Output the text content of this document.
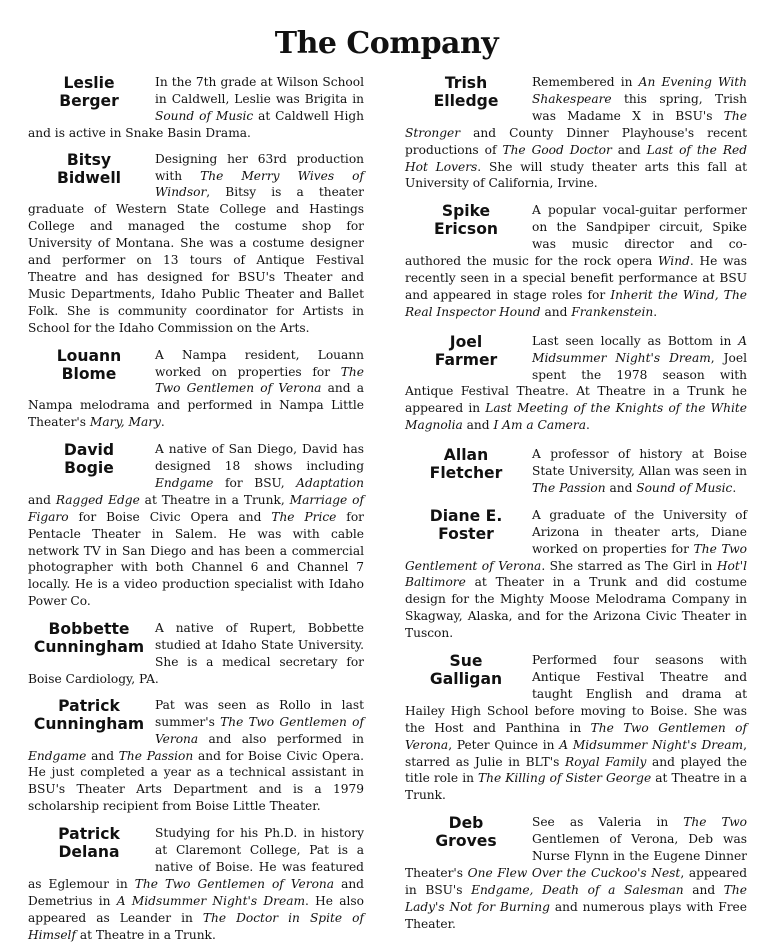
The Company
Leslie
Berger
In the 7th grade at Wilson School in Caldwell, Leslie was Brigita in Sound of Music at Caldwell High and is active in Snake Basin Drama.
Bitsy
Bidwell
Designing her 63rd production with The Merry Wives of Windsor, Bitsy is a theater graduate of Western State College and Hastings College and managed the costume shop for University of Montana. She was a costume designer and performer on 13 tours of Antique Festival Theatre and has designed for BSU's Theater and Music Departments, Idaho Public Theater and Ballet Folk. She is community coordinator for Artists in School for the Idaho Commission on the Arts.
Louann
Blome
A Nampa resident, Louann worked on properties for The Two Gentlemen of Verona and a Nampa melodrama and performed in Nampa Little Theater's Mary, Mary.
David
Bogie
A native of San Diego, David has designed 18 shows including Endgame for BSU, Adaptation and Ragged Edge at Theatre in a Trunk, Marriage of Figaro for Boise Civic Opera and The Price for Pentacle Theater in Salem. He was with cable network TV in San Diego and has been a commercial photographer with both Channel 6 and Channel 7 locally. He is a video production specialist with Idaho Power Co.
Bobbette
Cunningham
A native of Rupert, Bobbette studied at Idaho State University. She is a medical secretary for Boise Cardiology, PA.
Patrick
Cunningham
Pat was seen as Rollo in last summer's The Two Gentlemen of Verona and also performed in Endgame and The Passion and for Boise Civic Opera. He just completed a year as a technical assistant in BSU's Theater Arts Department and is a 1979 scholarship recipient from Boise Little Theater.
Patrick
Delana
Studying for his Ph.D. in history at Claremont College, Pat is a native of Boise. He was featured as Eglemour in The Two Gentlemen of Verona and Demetrius in A Midsummer Night's Dream. He also appeared as Leander in The Doctor in Spite of Himself at Theatre in a Trunk.
Trish
Elledge
Remembered in An Evening With Shakespeare this spring, Trish was Madame X in BSU's The Stronger and County Dinner Playhouse's recent productions of The Good Doctor and Last of the Red Hot Lovers. She will study theater arts this fall at University of California, Irvine.
Spike
Ericson
A popular vocal-guitar performer on the Sandpiper circuit, Spike was music director and co-authored the music for the rock opera Wind. He was recently seen in a special benefit performance at BSU and appeared in stage roles for Inherit the Wind, The Real Inspector Hound and Frankenstein.
Joel
Farmer
Last seen locally as Bottom in A Midsummer Night's Dream, Joel spent the 1978 season with Antique Festival Theatre. At Theatre in a Trunk he appeared in Last Meeting of the Knights of the White Magnolia and I Am a Camera.
Allan
Fletcher
A professor of history at Boise State University, Allan was seen in The Passion and Sound of Music.
Diane E.
Foster
A graduate of the University of Arizona in theater arts, Diane worked on properties for The Two Gentlement of Verona. She starred as The Girl in Hot'l Baltimore at Theater in a Trunk and did costume design for the Mighty Moose Melodrama Company in Skagway, Alaska, and for the Arizona Civic Theater in Tuscon.
Sue
Galligan
Performed four seasons with Antique Festival Theatre and taught English and drama at Hailey High School before moving to Boise. She was the Host and Panthina in The Two Gentlemen of Verona, Peter Quince in A Midsummer Night's Dream, starred as Julie in BLT's Royal Family and played the title role in The Killing of Sister George at Theatre in a Trunk.
Deb
Groves
See as Valeria in The Two Gentlemen of Verona, Deb was Nurse Flynn in the Eugene Dinner Theater's One Flew Over the Cuckoo's Nest, appeared in BSU's Endgame, Death of a Salesman and The Lady's Not for Burning and numerous plays with Free Theater.
